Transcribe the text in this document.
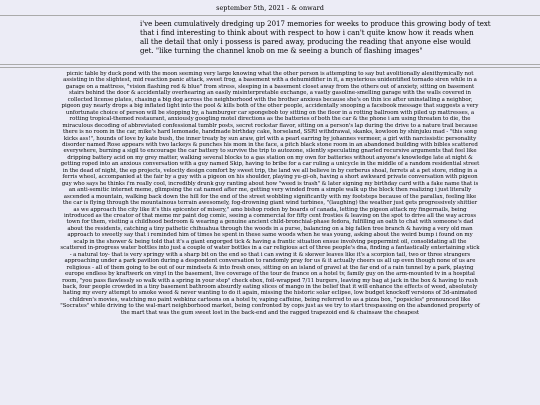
september 5th, 2021 - & onward
i've been cumulatively dredging up 2017 memories for weeks to produce this growing body of text
that i find interesting to think about with respect to how i can't quite know how it reads when
all the detail that only i possess is pared away, producing the reading that anyone else would
get. "like turning the channel knob on me & seeing a bunch of flashing images"
picnic table by duck pond with the moon seeming very large knowing what the other person is attempting to say but avolitionally alexithymically not assisting in the slightest, mid reaction panic attack, sweet frog, a basement with a dehumidifier in it, a mysterious unidentified tornado siren while in a garage on a mattress, "vision flashing red & blue" from stress, sleeping in a basement closet away from the others out of anxiety, sitting on basement stairs behind the door & accidentally overhearing an easily misinterpretable exchange, a vastly gasoline-smelling garage with the walls covered in collected license plates, chasing a big dog across the neighborhood with the brother anxious because she's on thin ice after uninstalling a neighbor, pigeon guy nearly drops a big inflated light into the pool & kills both of the other people, accidentally snooping a facebook message that suggests a very unfortunate choice of person will be stopping by, a hamburger car spongebob toy sitting on the floor in a rotting ballroom with piled up mattresses, a rotting tropical-themed restaurant, anxiously googling motel directions as the batteries of both the car & the phone i am using threaten to die, the miraculous decoding of abbreviated confessional tumblr posts, secret rockstar flavor, sitting on a person's lap during the drive to a nature trail because there is no room in the car, mike's hard lemonade, handmade birthday cake, horseland, SSRI withdrawal, skanks, kowloon by shinjuku mad - "this song kicks ass!", hounds of love by kate bush, the inner treaty by sun araw, girl with a pearl earring by johannes vermeer, a girl with narcissistic personality disorder named Rose appears with two lackeys & punches his mom in the face, a pitch black stone room in an abandoned building with bibles scattered everywhere, burning a sigil to encourage the car battery to survive the trip to autozone, silently speculating gnarled recursive arguments that feel like dripping battery acid on my grey matter, walking several blocks to a gas station on my own for batteries without anyone's knowledge late at night & getting roped into an anxious conversation with a guy named Skip, having to bribe for a car ruling a unicycle in the middle of a random residential street in the dead of night, the ep projects, velocity design comfort by sweet trip, the land we all believe in by cerberus shoal, ferrets at a pet store, riding in a ferris wheel, accompanied at the fair by a guy with a pigeon on his shoulder, playing yu-gi-oh, having a short awkward private conversation with pigeon guy who says he thinks i'm really cool, incredibly drunk guy ranting about how "weed is trash" & later signing my birthday card with a fake name that is an anti-semitic internet meme, glimpsing the cat named after me, getting very winded from a simple walk up the block then realizing i just literally ascended a mountain, walking back down the hill for the end of the street wobbling significantly with my footsteps because of the parallax, feeling like the car is flying through the mountainous terrain awesomely, fog-drowning giant wind turbines, "(laughing) the weather just gets progressively shittier as we approach the city like it's this epicenter of misery," amo bishop roden by boards of canada, letting the pigeon attack my fingernails, being introduced as the creator of that meme mr paint dog comic, seeing a commercial for fifty cent frosties & leaving on the spot to drive all the way across town for them, visiting a childhood bedroom & wearing a genuine ancient child-bronchial-phase fedora, fulfilling an oath to chat with someone's dad about the residents, catching a tiny pathetic chihuahua through the woods in a purse, balancing on a big fallen tree branch & having a very old man approach to sweetly say that i reminded him of times he spent in these same woods when he was young, asking about the weird bump i found on my scalp in the shower & being told that it's a giant engorged tick & having a frantic situation ensue involving peppermint oil, consolidating all the scattered in-progress water bottles into just a couple of water bottles in a car religious act of three people's dna, finding a fantastically entertaining stick - a natural toy- that is very springy with a sharp bit on the end so that i can swing it & skewer leaves like it's a scorpion tail, two or three strangers approaching under a park pavilion during a despondent conversation to randomly pray for us & it actually cheers us all up even though none of us are religious - all of them going to be out of our mindsets & into fresh ones, sitting on an island of gravel at the far end of a rain tunnel by a park, playing europe endless by kraftwerk on vinyl in the basement, live coverage of the tour de france on a hotel tv, family guy on the arm-mounted tv in a hospital room, "you pass flawlessly so walk with a spring in your step" check ebox, foil-wrapped 7/11 burgers, leaving my bag at jack in the box & having to rush back, four people crowded in a tiny basement bathroom absurdly eating slices of mango in the belief that it will enhance the effects of weed, absolutely hating my every attempt to smoke weed & never wanting to do it again, missing the historic solar eclipse, low budget knockoff versions of 3d-animated children's movies, watching mo paint webkinz cartoons on a hotel tv, vaping caffeine, being referred to as a pizza box, "popsicles" pronounced like "Socrates" while driving to the wal-mart neighborhood market, being confronted by cops just as we try to start trespassing on the abandoned property of the mart that was the gum sweet lost in the back-end and the ragged trapezoid end & chainsaw the cheapest
